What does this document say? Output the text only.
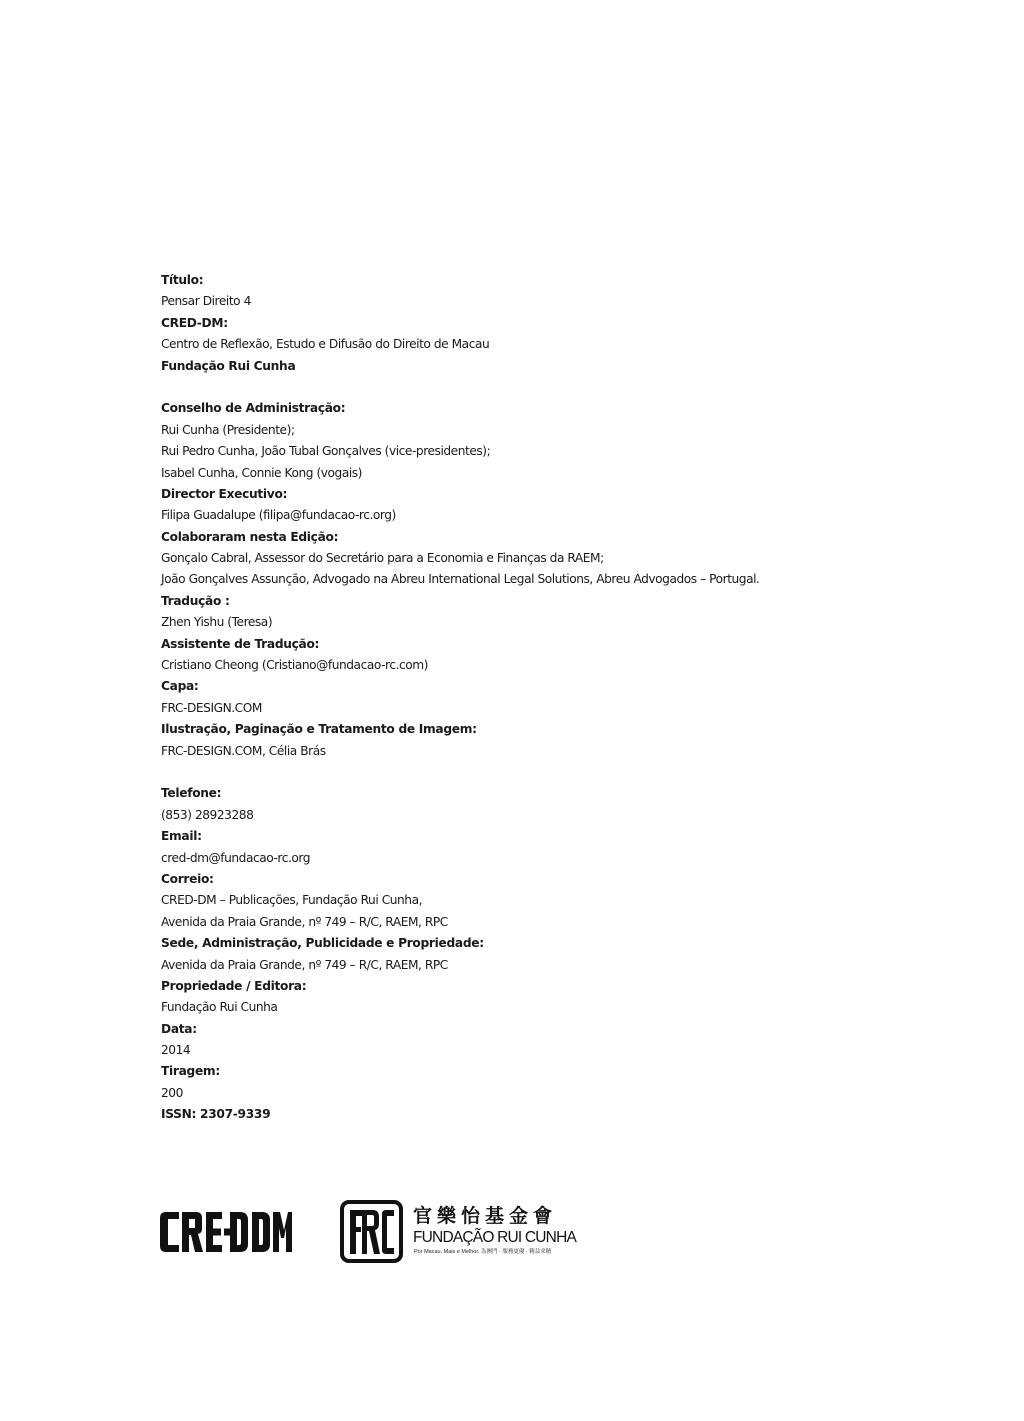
Título:
Pensar Direito 4
CRED-DM:
Centro de Reflexão, Estudo e Difusão do Direito de Macau
Fundação Rui Cunha
Conselho de Administração:
Rui Cunha (Presidente);
Rui Pedro Cunha, João Tubal Gonçalves (vice-presidentes);
Isabel Cunha, Connie Kong (vogais)
Director Executivo:
Filipa Guadalupe (filipa@fundacao-rc.org)
Colaboraram nesta Edição:
Gonçalo Cabral, Assessor do Secretário para a Economia e Finanças da RAEM;
João Gonçalves Assunção, Advogado na Abreu International Legal Solutions, Abreu Advogados – Portugal.
Tradução :
Zhen Yishu (Teresa)
Assistente de Tradução:
Cristiano Cheong (Cristiano@fundacao-rc.com)
Capa:
FRC-DESIGN.COM
Ilustração, Paginação e Tratamento de Imagem:
FRC-DESIGN.COM, Célia Brás
Telefone:
(853) 28923288
Email:
cred-dm@fundacao-rc.org
Correio:
CRED-DM – Publicações, Fundação Rui Cunha,
Avenida da Praia Grande, nº 749 – R/C, RAEM, RPC
Sede, Administração, Publicidade e Propriedade:
Avenida da Praia Grande, nº 749 – R/C, RAEM, RPC
Propriedade / Editora:
Fundação Rui Cunha
Data:
2014
Tiragem:
200
ISSN: 2307-9339
官樂怡基金會
FUNDAÇÃO RUI CUNHA
Por Macau, Mais e Melhor. 為澳門 · 服務更優 · 精益求精
